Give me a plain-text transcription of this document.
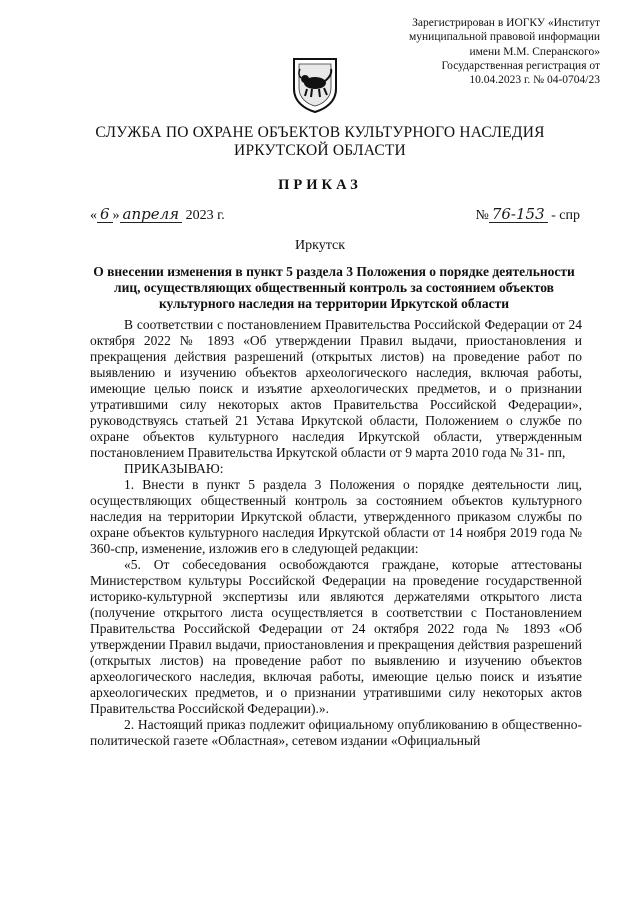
Зарегистрирован в ИОГКУ «Институт
муниципальной правовой информации
имени М.М. Сперанского»
Государственная регистрация от
10.04.2023 г. № 04-0704/23
СЛУЖБА ПО ОХРАНЕ ОБЪЕКТОВ КУЛЬТУРНОГО НАСЛЕДИЯ
ИРКУТСКОЙ ОБЛАСТИ
ПРИКАЗ
« 6 » апреля 2023 г.	№ 76-153 - спр
Иркутск
О внесении изменения в пункт 5 раздела 3 Положения о порядке деятельности лиц, осуществляющих общественный контроль за состоянием объектов культурного наследия на территории Иркутской области

В соответствии с постановлением Правительства Российской Федерации от 24 октября 2022 № 1893 «Об утверждении Правил выдачи, приостановления и прекращения действия разрешений (открытых листов) на проведение работ по выявлению и изучению объектов археологического наследия, включая работы, имеющие целью поиск и изъятие археологических предметов, и о признании утратившими силу некоторых актов Правительства Российской Федерации», руководствуясь статьей 21 Устава Иркутской области, Положением о службе по охране объектов культурного наследия Иркутской области, утвержденным постановлением Правительства Иркутской области от 9 марта 2010 года № 31- пп,

ПРИКАЗЫВАЮ:

1. Внести в пункт 5 раздела 3 Положения о порядке деятельности лиц, осуществляющих общественный контроль за состоянием объектов культурного наследия на территории Иркутской области, утвержденного приказом службы по охране объектов культурного наследия Иркутской области от 14 ноября 2019 года № 360-спр, изменение, изложив его в следующей редакции:

«5. От собеседования освобождаются граждане, которые аттестованы Министерством культуры Российской Федерации на проведение государственной историко-культурной экспертизы или являются держателями открытого листа (получение открытого листа осуществляется в соответствии с Постановлением Правительства Российской Федерации от 24 октября 2022 года № 1893 «Об утверждении Правил выдачи, приостановления и прекращения действия разрешений (открытых листов) на проведение работ по выявлению и изучению объектов археологического наследия, включая работы, имеющие целью поиск и изъятие археологических предметов, и о признании утратившими силу некоторых актов Правительства Российской Федерации).».

2. Настоящий приказ подлежит официальному опубликованию в общественно-политической газете «Областная», сетевом издании «Официальный
